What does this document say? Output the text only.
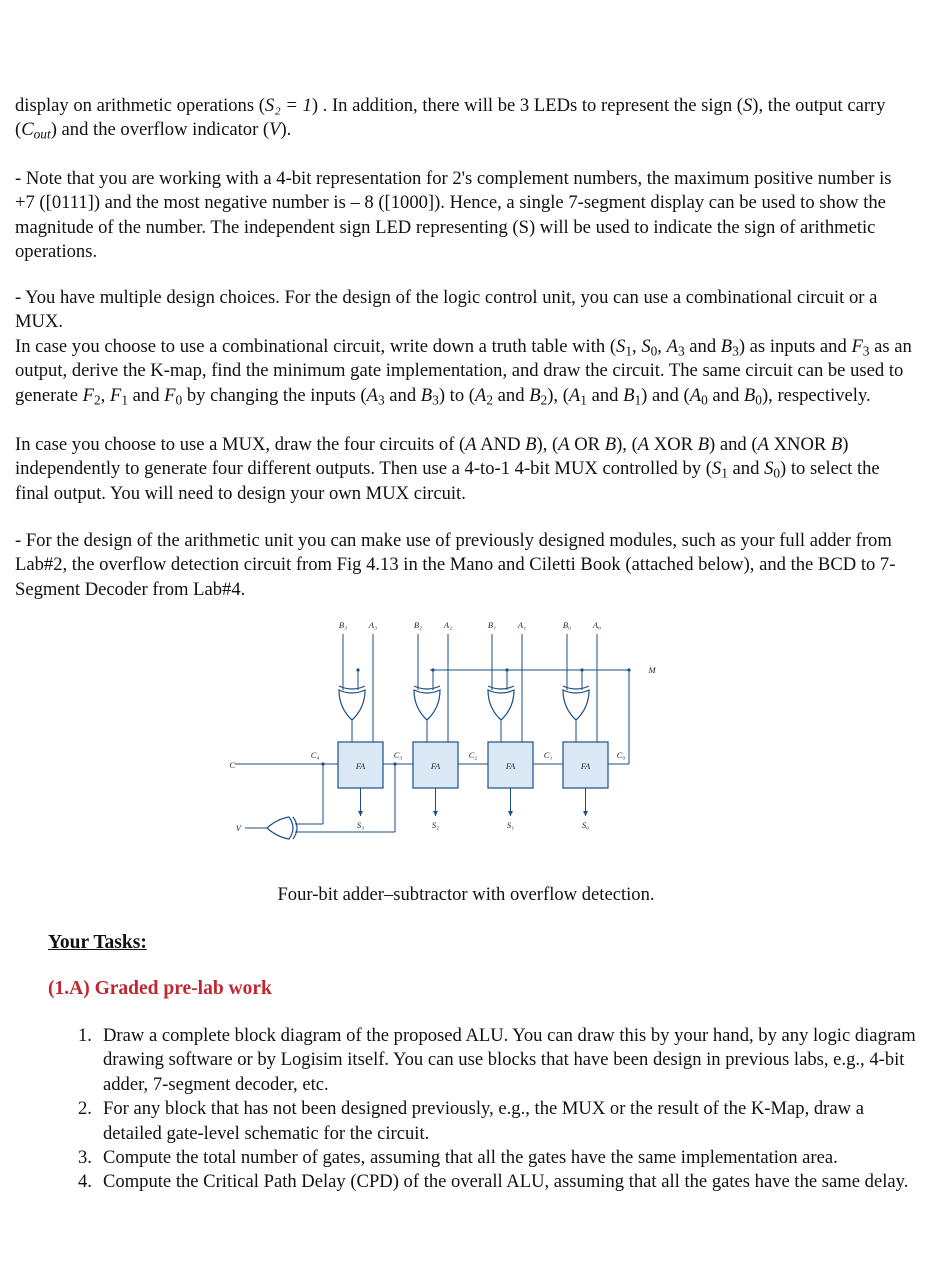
display on arithmetic operations (S₂ = 1) . In addition, there will be 3 LEDs to represent the sign (S), the output carry $(C_{out})$ and the overflow indicator (V).

- Note that you are working with a 4-bit representation for 2's complement numbers, the maximum positive number is +7 ([0111]) and the most negative number is – 8 ([1000]). Hence, a single 7-segment display can be used to show the magnitude of the number. The independent sign LED representing (S) will be used to indicate the sign of arithmetic operations.

- You have multiple design choices. For the design of the logic control unit, you can use a combinational circuit or a MUX.

In case you choose to use a combinational circuit, write down a truth table with ($S_1$, $S_0$, $A_3$ and $B_3$) as inputs and $F_3$ as an output, derive the K-map, find the minimum gate implementation, and draw the circuit. The same circuit can be used to generate $F_2$, $F_1$ and $F_0$ by changing the inputs ($A_3$ and $B_3$) to ($A_2$ and $B_2$), ($A_1$ and $B_1$) and ($A_0$ and $B_0$), respectively.

In case you choose to use a MUX, draw the four circuits of (A AND B), (A OR B), (A XOR B) and (A XNOR B) independently to generate four different outputs. Then use a 4-to-1 4-bit MUX controlled by ($S_1$ and $S_0$) to select the final output. You will need to design your own MUX circuit.

- For the design of the arithmetic unit you can make use of previously designed modules, such as your full adder from Lab#2, the overflow detection circuit from Fig 4.13 in the Mano and Ciletti Book (attached below), and the BCD to 7-Segment Decoder from Lab#4.

M
B₃	A₃
FA
S₃
B₂	A₂
FA
S₂
B₁	A₁
FA
S₁
B₀	A₀
FA
S₀
C₀
C₃	C₂	C₁
C
C₄
V
Four-bit adder–subtractor with overflow detection.
Your Tasks:
(1.A) Graded pre-lab work
1. Draw a complete block diagram of the proposed ALU. You can draw this by your hand, by any logic diagram drawing software or by Logisim itself. You can use blocks that have been design in previous labs, e.g., 4-bit adder, 7-segment decoder, etc.
2. For any block that has not been designed previously, e.g., the MUX or the result of the K-Map, draw a detailed gate-level schematic for the circuit.
3. Compute the total number of gates, assuming that all the gates have the same implementation area.
4. Compute the Critical Path Delay (CPD) of the overall ALU, assuming that all the gates have the same delay.
